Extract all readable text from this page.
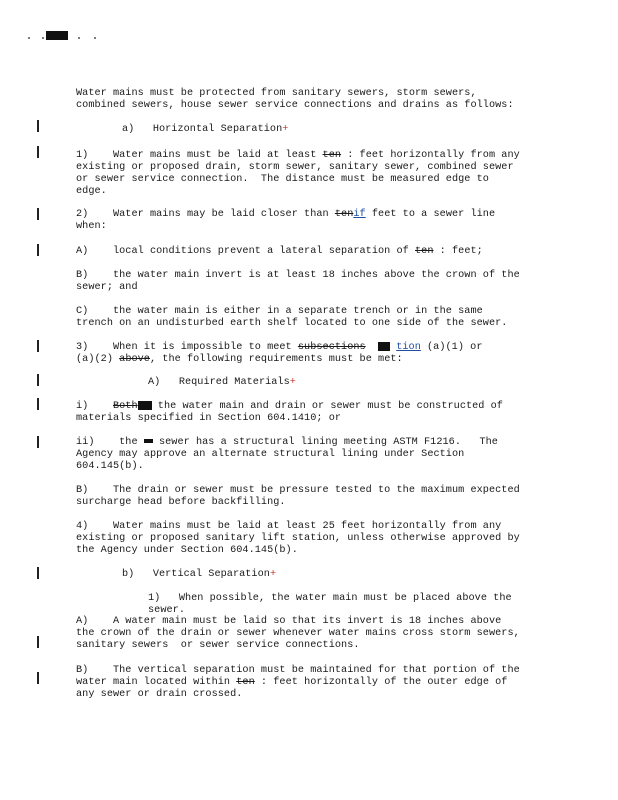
Water mains must be protected from sanitary sewers, storm sewers,
combined sewers, house sewer service connections and drains as follows:
a)   Horizontal Separation+
1)    Water mains must be laid at least ten : feet horizontally from any
existing or proposed drain, storm sewer, sanitary sewer, combined sewer
or sewer service connection.  The distance must be measured edge to
edge.
2)    Water mains may be laid closer than tenif feet to a sewer line
when:
A)    local conditions prevent a lateral separation of ten : feet;
B)    the water main invert is at least 18 inches above the crown of the
sewer; and
C)    the water main is either in a separate trench or in the same
trench on an undisturbed earth shelf located to one side of the sewer.
3)    When it is impossible to meet subsections	tion (a)(1) or
(a)(2) above, the following requirements must be met:
A)   Required Materials+
i)    Both the water main and drain or sewer must be constructed of
materials specified in Section 604.1410; or
ii)    the  sewer has a structural lining meeting ASTM F1216.   The
Agency may approve an alternate structural lining under Section
604.145(b).
B)    The drain or sewer must be pressure tested to the maximum expected
surcharge head before backfilling.
4)    Water mains must be laid at least 25 feet horizontally from any
existing or proposed sanitary lift station, unless otherwise approved by
the Agency under Section 604.145(b).
b)   Vertical Separation+
1)   When possible, the water main must be placed above the sewer.
A)    A water main must be laid so that its invert is 18 inches above
the crown of the drain or sewer whenever water mains cross storm sewers,
sanitary sewers  or sewer service connections.
B)    The vertical separation must be maintained for that portion of the
water main located within ten : feet horizontally of the outer edge of
any sewer or drain crossed.
